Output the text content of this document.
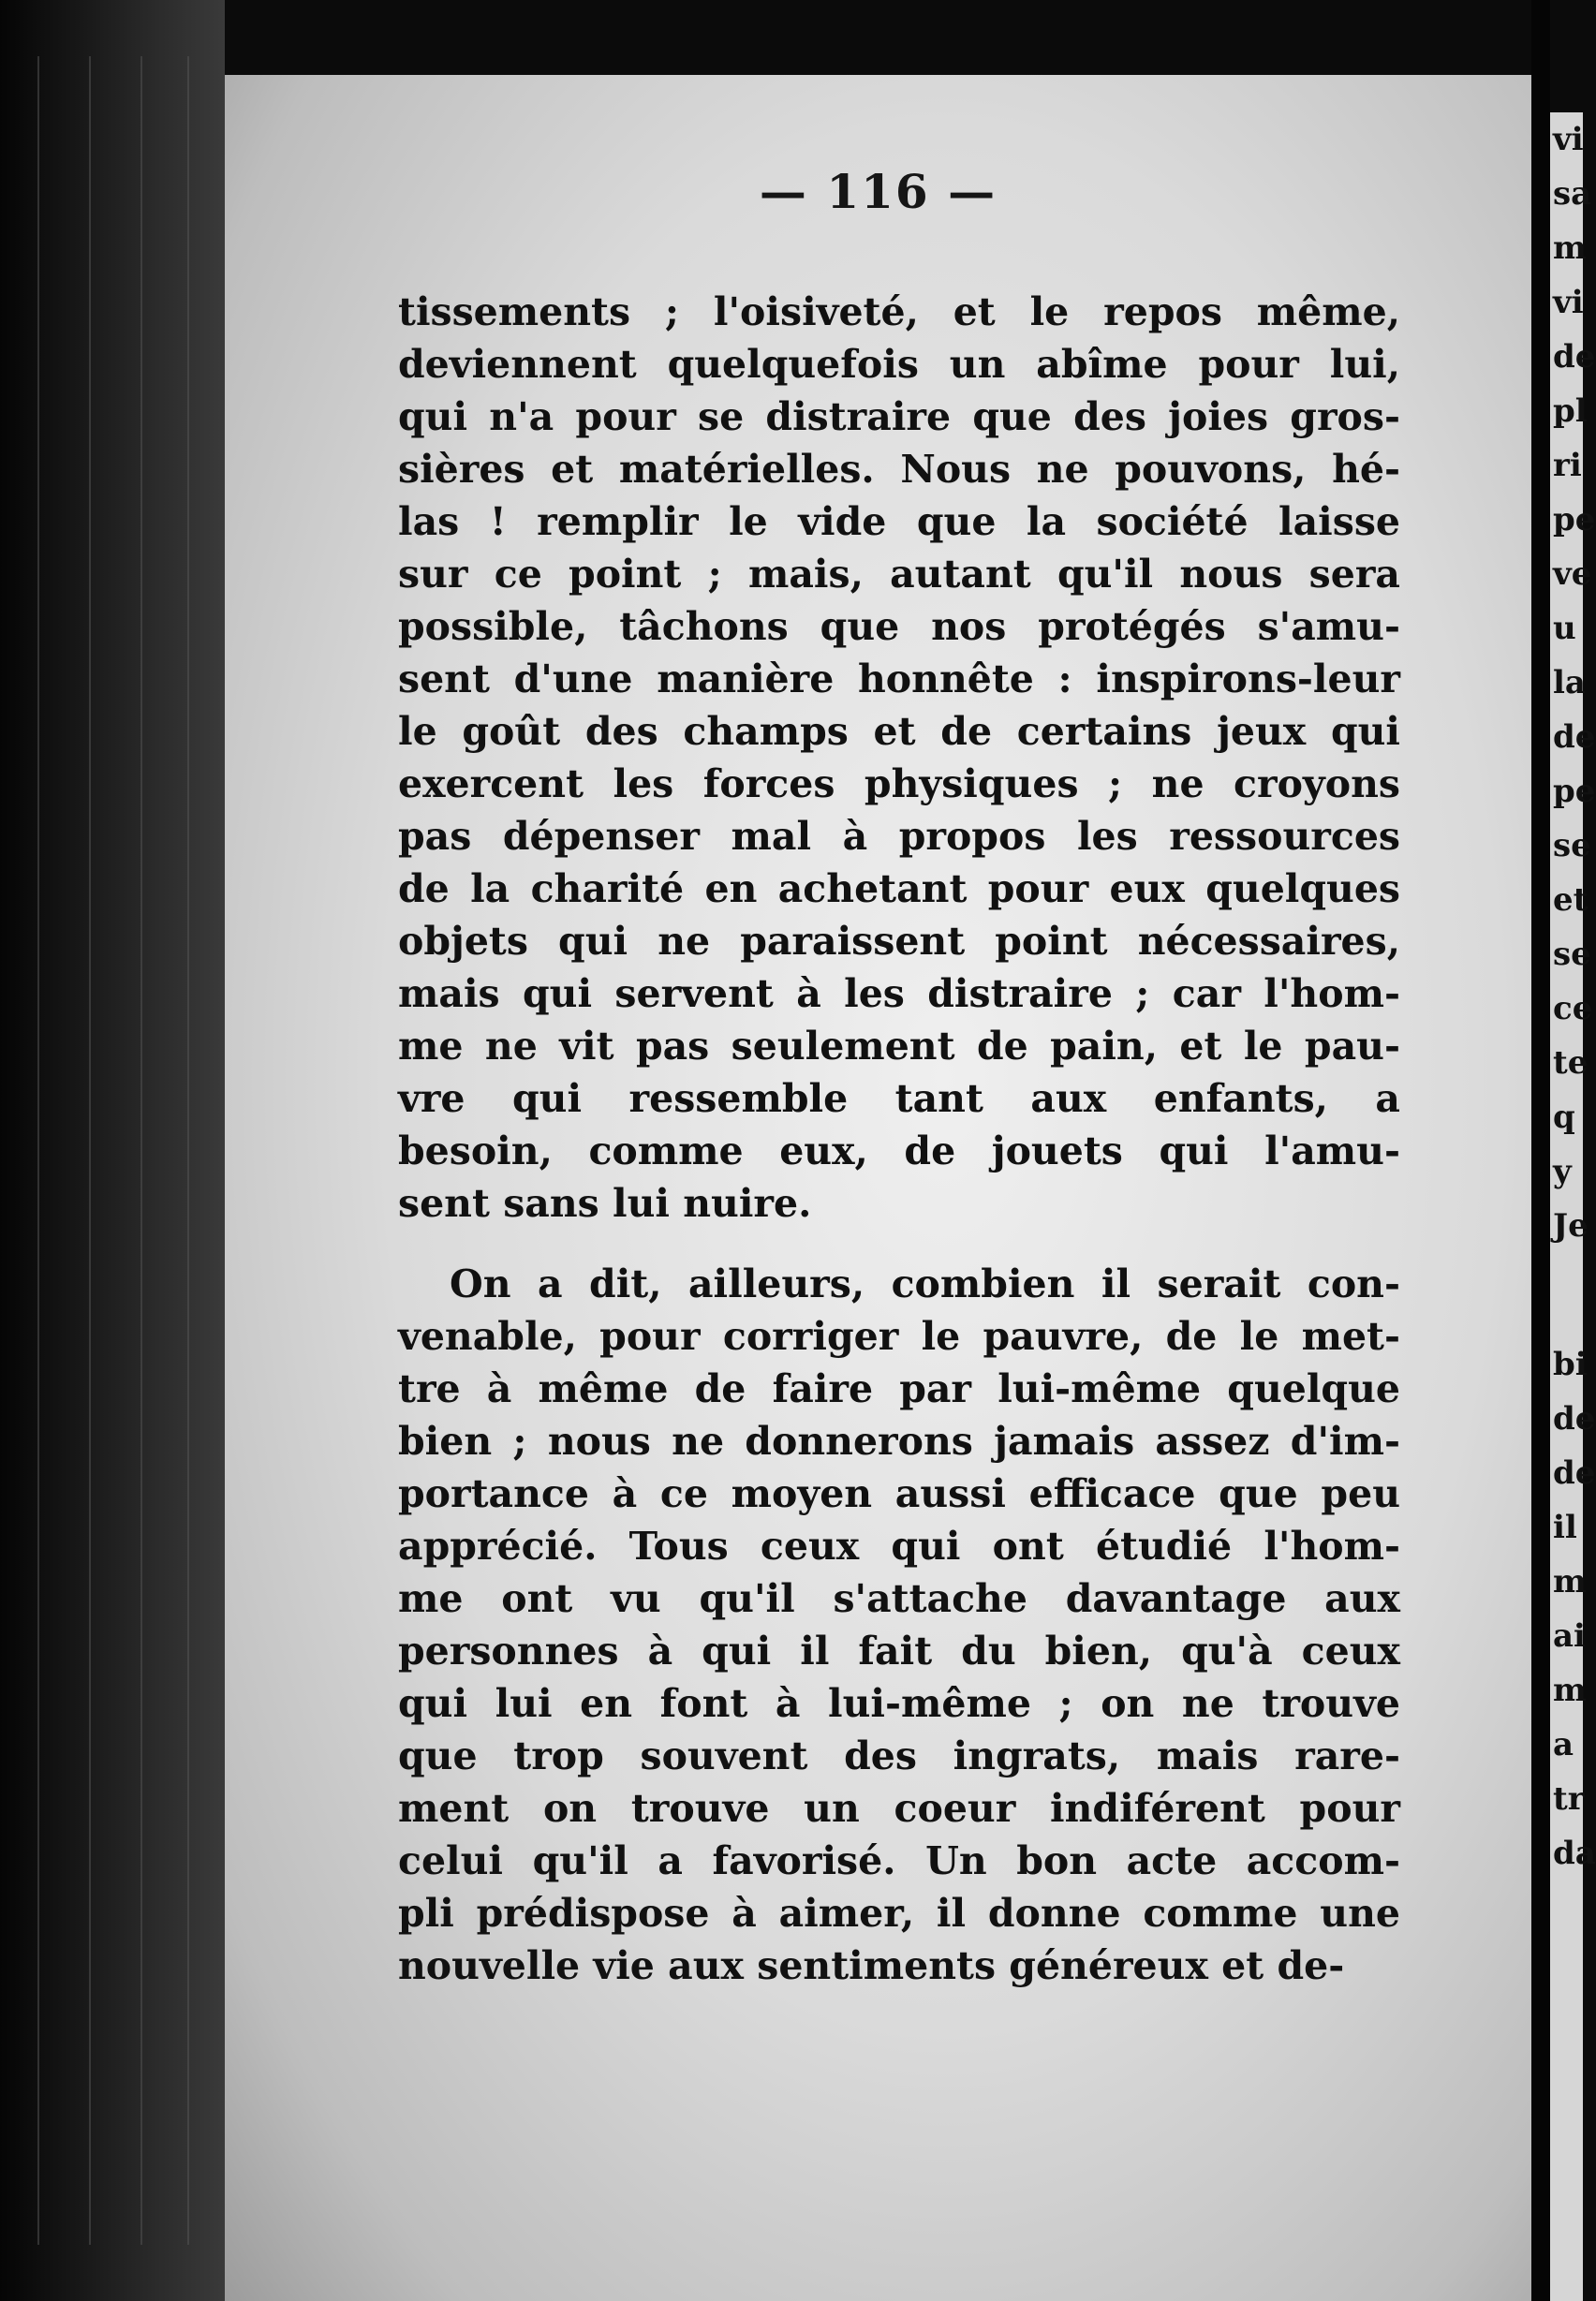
— 116 —
tissements ; l'oisiveté, et le repos même,
deviennent quelquefois un abîme pour lui,
qui n'a pour se distraire que des joies gros-
sières et matérielles. Nous ne pouvons, hé-
las ! remplir le vide que la société laisse
sur ce point ; mais, autant qu'il nous sera
possible, tâchons que nos protégés s'amu-
sent d'une manière honnête : inspirons-leur
le goût des champs et de certains jeux qui
exercent les forces physiques ; ne croyons
pas dépenser mal à propos les ressources
de la charité en achetant pour eux quelques
objets qui ne paraissent point nécessaires,
mais qui servent à les distraire ; car l'hom-
me ne vit pas seulement de pain, et le pau-
vre qui ressemble tant aux enfants, a
besoin, comme eux, de jouets qui l'amu-
sent sans lui nuire.
On a dit, ailleurs, combien il serait con-
venable, pour corriger le pauvre, de le met-
tre à même de faire par lui-même quelque
bien ; nous ne donnerons jamais assez d'im-
portance à ce moyen aussi efficace que peu
apprécié. Tous ceux qui ont étudié l'hom-
me ont vu qu'il s'attache davantage aux
personnes à qui il fait du bien, qu'à ceux
qui lui en font à lui-même ; on ne trouve
que trop souvent des ingrats, mais rare-
ment on trouve un coeur indiférent pour
celui qu'il a favorisé. Un bon acte accom-
pli prédispose à aimer, il donne comme une
nouvelle vie aux sentiments généreux et de-
vi
sa
m
vi
de
pl
ri
pe
ve
u
la
de
pe
se
et
se
ce
te
q
y
Je
bi
de
de
il
m
ai
m
a
tr
da
